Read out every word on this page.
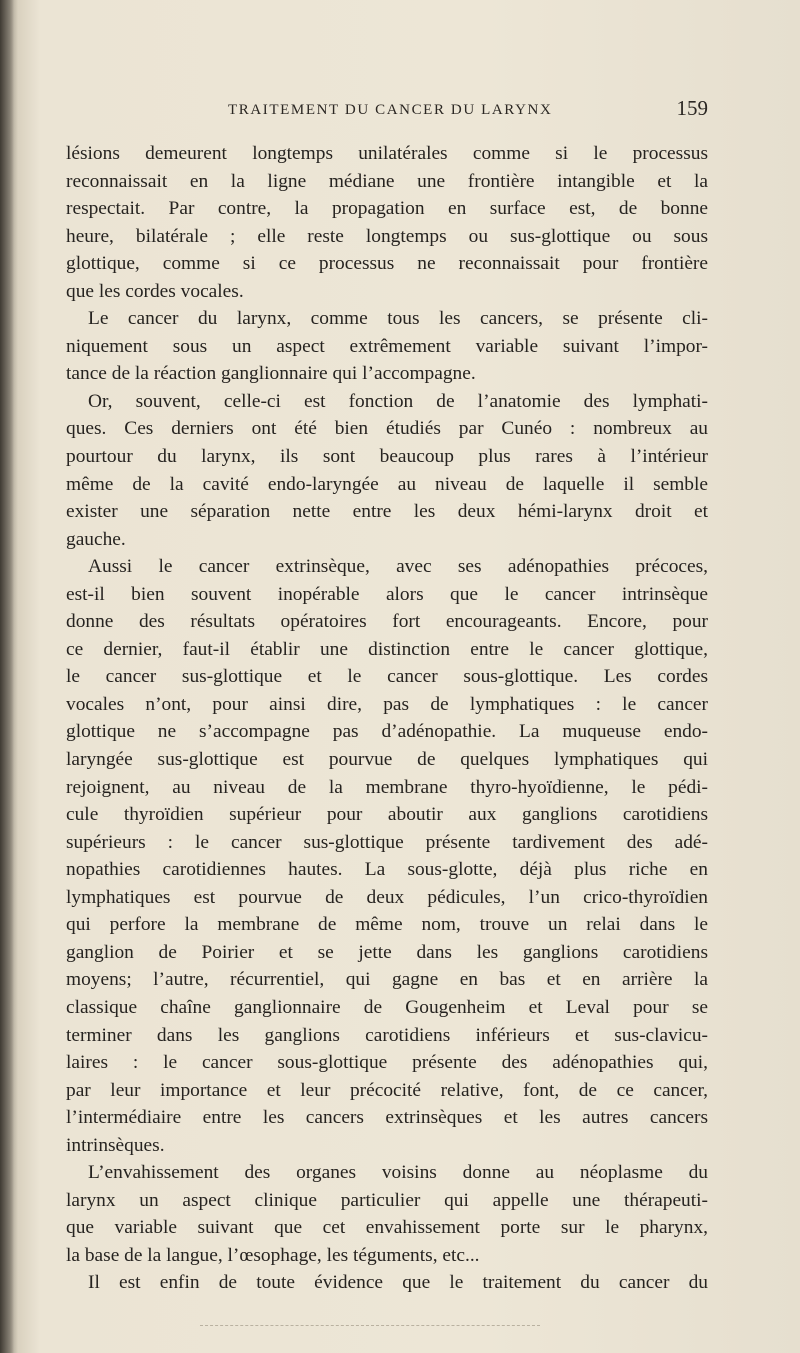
TRAITEMENT DU CANCER DU LARYNX	159
lésions demeurent longtemps unilatérales comme si le processus
reconnaissait en la ligne médiane une frontière intangible et la
respectait. Par contre, la propagation en surface est, de bonne
heure, bilatérale ; elle reste longtemps ou sus-glottique ou sous
glottique, comme si ce processus ne reconnaissait pour frontière
que les cordes vocales.
Le cancer du larynx, comme tous les cancers, se présente cli-
niquement sous un aspect extrêmement variable suivant l’impor-
tance de la réaction ganglionnaire qui l’accompagne.
Or, souvent, celle-ci est fonction de l’anatomie des lymphati-
ques. Ces derniers ont été bien étudiés par Cunéo : nombreux au
pourtour du larynx, ils sont beaucoup plus rares à l’intérieur
même de la cavité endo-laryngée au niveau de laquelle il semble
exister une séparation nette entre les deux hémi-larynx droit et
gauche.
Aussi le cancer extrinsèque, avec ses adénopathies précoces,
est-il bien souvent inopérable alors que le cancer intrinsèque
donne des résultats opératoires fort encourageants. Encore, pour
ce dernier, faut-il établir une distinction entre le cancer glottique,
le cancer sus-glottique et le cancer sous-glottique. Les cordes
vocales n’ont, pour ainsi dire, pas de lymphatiques : le cancer
glottique ne s’accompagne pas d’adénopathie. La muqueuse endo-
laryngée sus-glottique est pourvue de quelques lymphatiques qui
rejoignent, au niveau de la membrane thyro-hyoïdienne, le pédi-
cule thyroïdien supérieur pour aboutir aux ganglions carotidiens
supérieurs : le cancer sus-glottique présente tardivement des adé-
nopathies carotidiennes hautes. La sous-glotte, déjà plus riche en
lymphatiques est pourvue de deux pédicules, l’un crico-thyroïdien
qui perfore la membrane de même nom, trouve un relai dans le
ganglion de Poirier et se jette dans les ganglions carotidiens
moyens; l’autre, récurrentiel, qui gagne en bas et en arrière la
classique chaîne ganglionnaire de Gougenheim et Leval pour se
terminer dans les ganglions carotidiens inférieurs et sus-clavicu-
laires : le cancer sous-glottique présente des adénopathies qui,
par leur importance et leur précocité relative, font, de ce cancer,
l’intermédiaire entre les cancers extrinsèques et les autres cancers
intrinsèques.
L’envahissement des organes voisins donne au néoplasme du
larynx un aspect clinique particulier qui appelle une thérapeuti-
que variable suivant que cet envahissement porte sur le pharynx,
la base de la langue, l’œsophage, les téguments, etc...
Il est enfin de toute évidence que le traitement du cancer du
